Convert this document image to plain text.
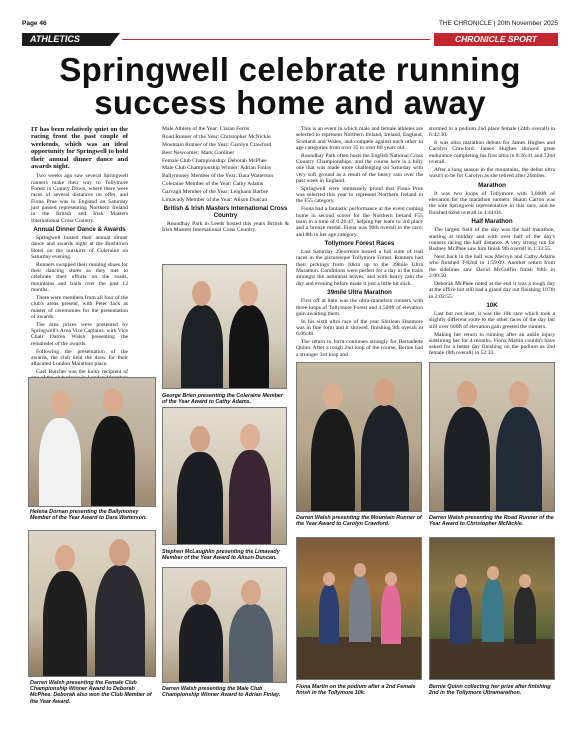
Page 46	THE CHRONICLE | 20th November 2025
ATHLETICS	CHRONICLE SPORT
Springwell celebrate running success home and away

IT has been relatively quiet on the racing front the past couple of weekends, which was an ideal opportunity for Springwell to hold their annual dinner dance and awards night.

Two weeks ago saw several Springwell runners make their way to Tollymore Forest in County Down, where there were races of several distances on offer, and Fiona Prue was in England on Saturday just passed representing Northern Ireland in the British and Irish Masters International Cross Country.

Annual Dinner Dance & Awards

Springwell hosted their annual dinner dance and awards night at the Bushtown Hotel on the outskirts of Coleraine on Saturday evening.

Runners swapped their running shoes for their dancing shoes as they met to celebrate their efforts on the roads, mountains and trails over the past 12 months.

There were members from all four of the club's areas present, with Peter Jack as master of ceremonies for the presentation of awards.

The area prizes were presented by Springwell's Area Vice Captains, with Vice Chair Darren Walsh presenting the remainder of the awards.

Following the presentation of the awards, the club held the draw for their allocated London Marathon place.

Gael Butcher was the lucky recipient of

Male Athlete of the Year: Ciaran Ferris

Road Runner of the Year: Christopher McNickle

Mountain Runner of the Year: Carolyn Crawford

Best Newcomer: Mark Gardiner

Female Club Championship: Deborah McPhee

Male Club Championship Winner: Adrian Finlay

Ballymoney Member of the Year: Dara Watterson

Coleraine Member of the Year: Cathy Adams

Garvagh Member of the Year: Leighann Barbre

Limavady Member of the Year: Alison Duncan

British & Irish Masters International Cross Country

Roundhay Park in Leeds hosted this years British & Irish Masters International Cross Country.

This is an event in which male and female athletes are selected to represent Northern Ireland, Ireland, England, Scotland and Wales, and compete against each other in age categories from over 35 to over 80 years old.

Roundhay Park often hosts the English National Cross Country Championships, and the course here is a hilly one that was made more challenging on Saturday with very soft ground as a result of the heavy rain over the past week in England.

Springwell were immensely proud that Fiona Prue was selected this year to represent Northern Ireland in the F55 category.

Fiona had a fantastic performance at the event coming home in second scorer for the Northern Ireland F55 team in a time of 0:26:47, helping her team to 3rd place and a bronze medal. Fiona was 90th overall in the race, and 8th in her age category.

Tollymore Forest Races

Last Saturday 29extreme hosted a full suite of trail races in the picturesque Tollymore Forest. Runners had their pickings from 10km up to the 39mile Ultra Marathon. Conditions were perfect for a day in the trails amongst the autumnal leaves, and with heavy rain the day and evening before made it just a little bit slick.

39mile Ultra Marathon

First off at 8am was the ultra-marathon runners with three loops of Tollymore Forest and 4,500ft of elevation gain awaiting them.

In his sixth ultra race of the year Shirlean Hanmore was in fine form and it showed, finishing 9th overall in 6:06:48.

The return to form continues strongly for Bernadette Quinn. After a tough 2nd loop of the course, Bernie had a stronger 3rd loop and

stormed to a podium 2nd place female (24th overall) in 6:42:30.

It was ultra marathon debuts for James Hughes and Carolyn Crawford. James Hughes showed great endurance completing his first ultra in 8:36:41 and 72nd overall.

After a long season in the mountains, the debut ultra wasn't to be for Carolyn as she retired after 26miles.

Marathon

It was two loops of Tollymore with 3,000ft of elevation for the marathon runners. Shaun Carton was the sole Springwell representative in this race, and he finished 62nd overall in 4:44:04.

Half Marathon

The largest field of the day was the half marathon, starting at midday and with over half of the day's runners racing the half distance. A very strong run for Rodney McPhee saw him finish 9th overall in 1:33:55.

Next back in the half was Mervyn and Cathy Adams who finished T-82nd in 1:59:09. Another return from the sidelines saw David McGuffin finish 94th in 2:00:50.

Deborah McPhee noted at the end it was a tough day at the office but still had a grand day out finishing 107th in 2:02:55.

10K

Last but not least, it was the 10k race which took a slightly different route to the other races of the day but still over 600ft of elevation gain greeted the runners.

Making her return to running after an ankle injury sidelining her for 4 months, Fiona Martin couldn't have asked for a better day finishing on the podium as 2nd female (8th overall) in 52:33.

Helena Dornan presenting the Ballymoney Member of the Year Award to Dara Watterson.
Darren Walsh presenting the Female Club Championship Winner Award to Deborah McPhee. Deborah also won the Club Member of the Year Award.
George Brien presenting the Coleraine Member of the Year Award to Cathy Adams.
Stephen McLaughlin presenting the Limavady Member of the Year Award to Alison Duncan.
Darren Walsh presenting the Male Club Championship Winner Award to Adrian Finlay.
Darren Walsh presenting the Mountain Runner of the Year Award to Carolyn Crawford.
Fiona Martin on the podium after a 2nd Female finish in the Tollymore 10k.
Darren Walsh presenting the Road Runner of the Year Award to Christopher McNickle.
Bernie Quinn collecting her prize after finishing 2nd in the Tollymore Ultramarathon.
